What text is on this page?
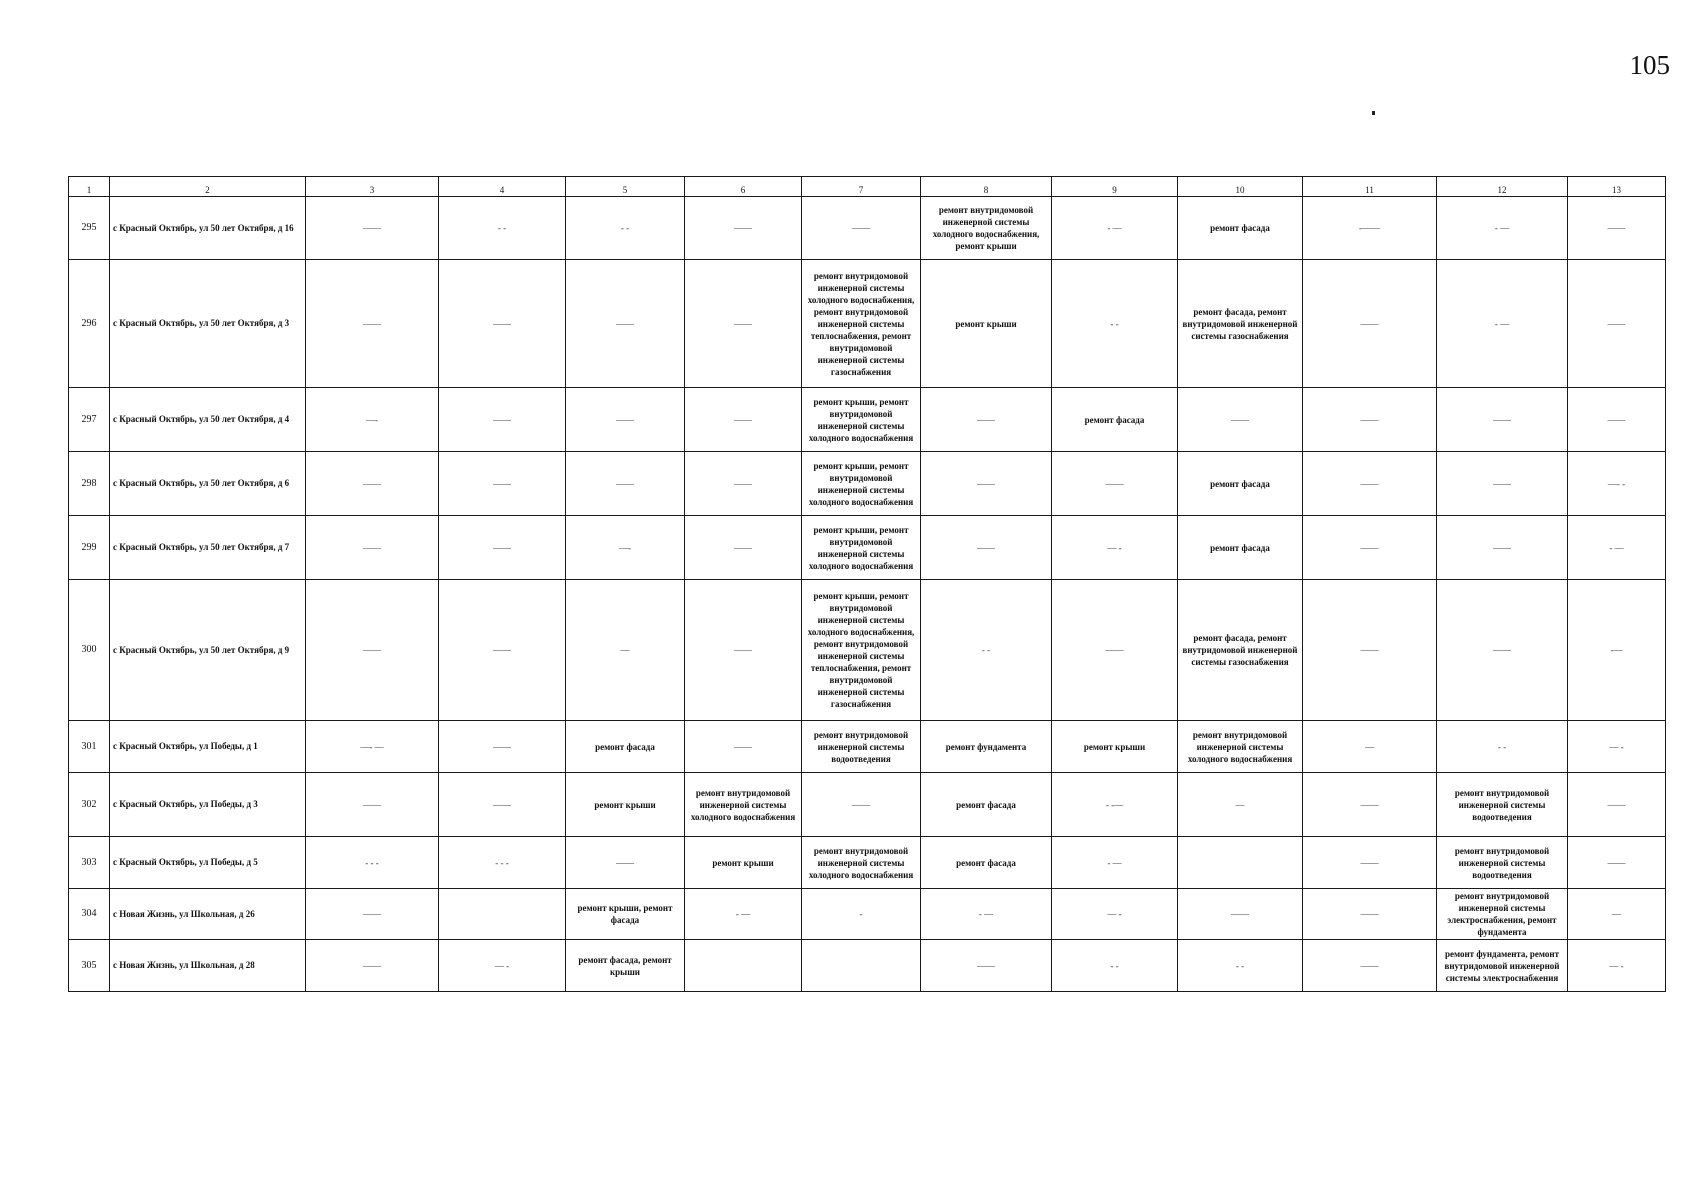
105
1	2	3	4	5	6	7	8	9	10	11	12	13
295	с Красный Октябрь, ул 50 лет Октября, д 16	——	- -	- -	——	——	ремонт внутридомовой инженерной системы холодного водоснабжения, ремонт крыши	- —	ремонт фасада	-——	- —	——
296	с Красный Октябрь, ул 50 лет Октября, д 3	——	——	——	——	ремонт внутридомовой инженерной системы холодного водоснабжения, ремонт внутридомовой инженерной системы теплоснабжения, ремонт внутридомовой инженерной системы газоснабжения	ремонт крыши	- -	ремонт фасада, ремонт внутридомовой инженерной системы газоснабжения	——	- —	——
297	с Красный Октябрь, ул 50 лет Октября, д 4	—-	——	——	——	ремонт крыши, ремонт внутридомовой инженерной системы холодного водоснабжения	——	ремонт фасада	——	——	——	——
298	с Красный Октябрь, ул 50 лет Октября, д 6	——	——	——	——	ремонт крыши, ремонт внутридомовой инженерной системы холодного водоснабжения	——	——	ремонт фасада	——	——	—- -
299	с Красный Октябрь, ул 50 лет Октября, д 7	——	——	—-	——	ремонт крыши, ремонт внутридомовой инженерной системы холодного водоснабжения	——	— -	ремонт фасада	——	——	- —
300	с Красный Октябрь, ул 50 лет Октября, д 9	——	——	—	——	ремонт крыши, ремонт внутридомовой инженерной системы холодного водоснабжения, ремонт внутридомовой инженерной системы теплоснабжения, ремонт внутридомовой инженерной системы газоснабжения	- -	——	ремонт фасада, ремонт внутридомовой инженерной системы газоснабжения	——	——	-—
301	с Красный Октябрь, ул Победы, д 1	—- —	——	ремонт фасада	——	ремонт внутридомовой инженерной системы водоотведения	ремонт фундамента	ремонт крыши	ремонт внутридомовой инженерной системы холодного водоснабжения	—	- -	— -
302	с Красный Октябрь, ул Победы, д 3	——	——	ремонт крыши	ремонт внутридомовой инженерной системы холодного водоснабжения	——	ремонт фасада	- -—	—	——	ремонт внутридомовой инженерной системы водоотведения	——
303	с Красный Октябрь, ул Победы, д 5	- - -	- - -	——	ремонт крыши	ремонт внутридомовой инженерной системы холодного водоснабжения	ремонт фасада	- —		——	ремонт внутридомовой инженерной системы водоотведения	——
304	с Новая Жизнь, ул Школьная, д 26	——		ремонт крыши, ремонт фасада	- —	-	- —	— -	——	——	ремонт внутридомовой инженерной системы электроснабжения, ремонт фундамента	—
305	с Новая Жизнь, ул Школьная, д 28	——	— -	ремонт фасада, ремонт крыши			——	- -	- -	——	ремонт фундамента, ремонт внутридомовой инженерной системы электроснабжения	— -
